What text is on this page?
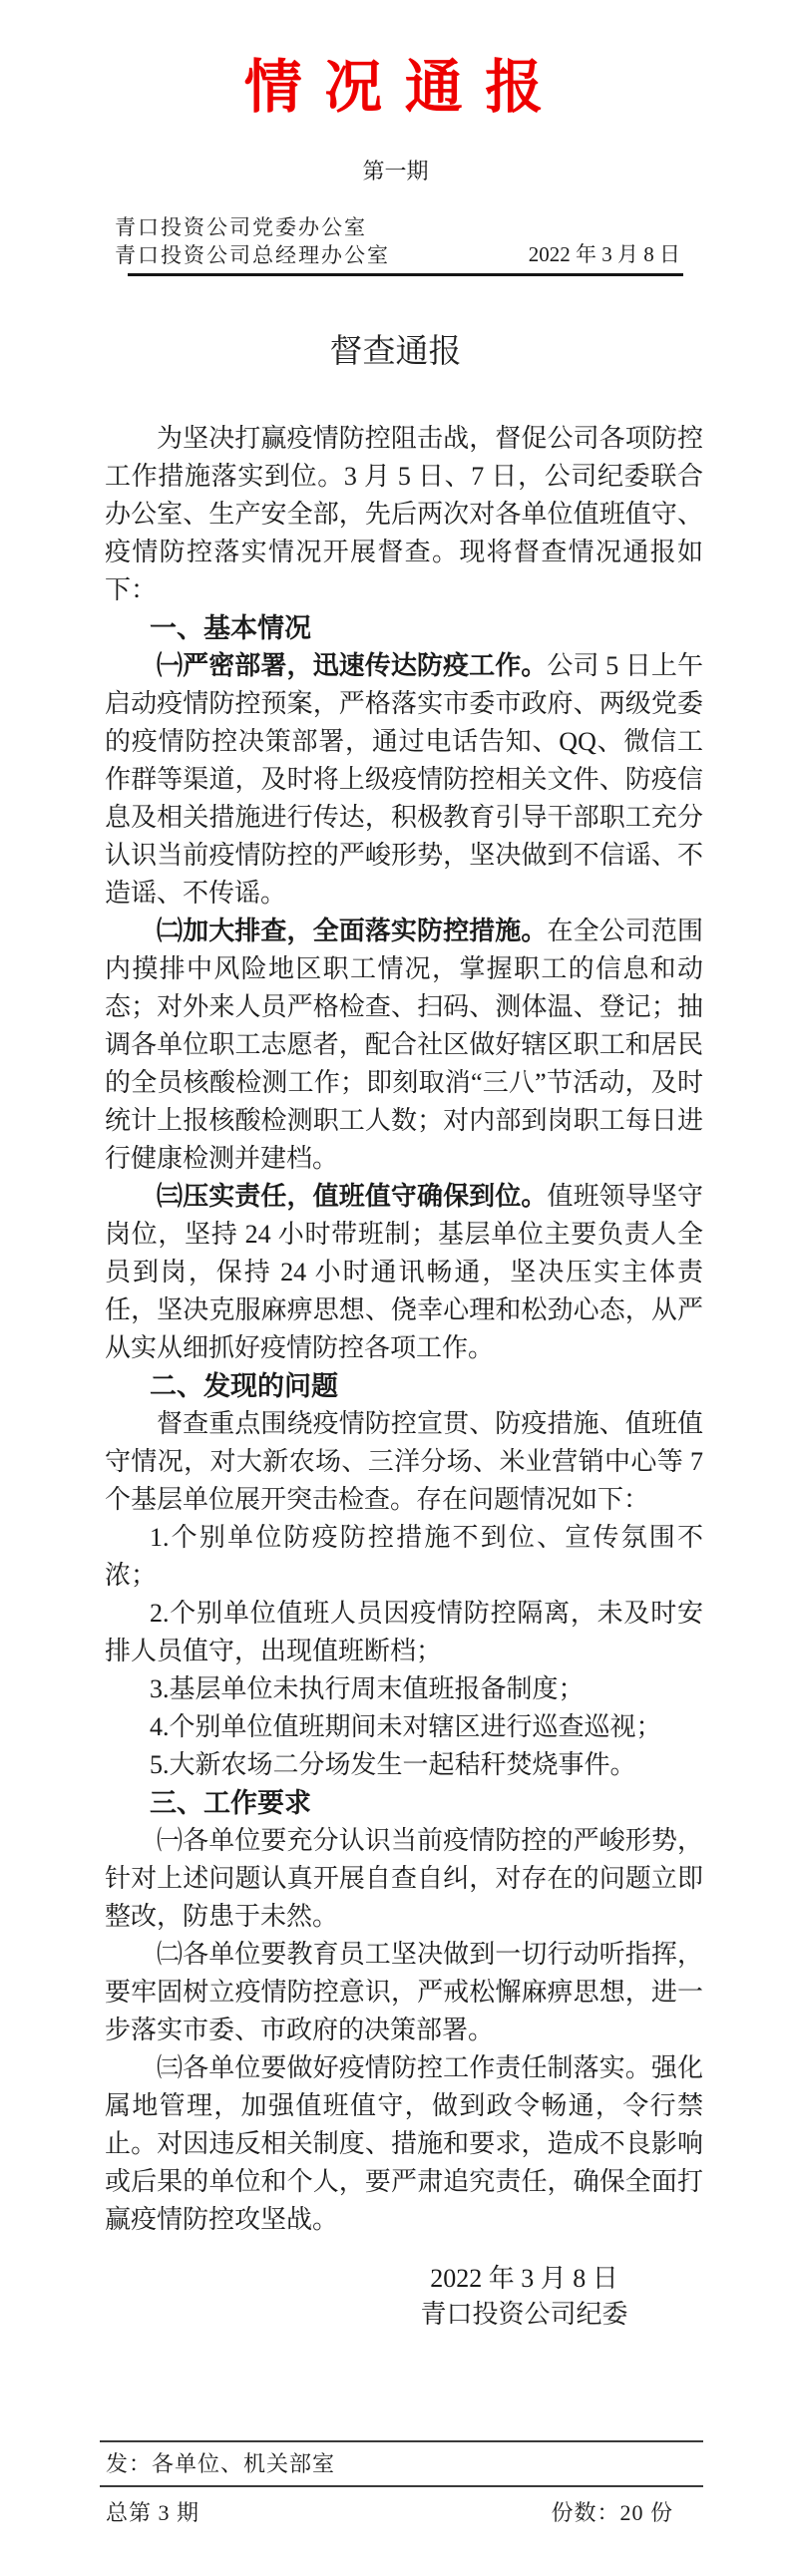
情 况 通 报
第一期
青口投资公司党委办公室
青口投资公司总经理办公室	2022 年 3 月 8 日
督查通报

为坚决打赢疫情防控阻击战，督促公司各项防控工作措施落实到位。3 月 5 日、7 日，公司纪委联合办公室、生产安全部，先后两次对各单位值班值守、疫情防控落实情况开展督查。现将督查情况通报如下：

一、基本情况

㈠严密部署，迅速传达防疫工作。公司 5 日上午启动疫情防控预案，严格落实市委市政府、两级党委的疫情防控决策部署，通过电话告知、QQ、微信工作群等渠道，及时将上级疫情防控相关文件、防疫信息及相关措施进行传达，积极教育引导干部职工充分认识当前疫情防控的严峻形势，坚决做到不信谣、不造谣、不传谣。

㈡加大排查，全面落实防控措施。在全公司范围内摸排中风险地区职工情况，掌握职工的信息和动态；对外来人员严格检查、扫码、测体温、登记；抽调各单位职工志愿者，配合社区做好辖区职工和居民的全员核酸检测工作；即刻取消“三八”节活动，及时统计上报核酸检测职工人数；对内部到岗职工每日进行健康检测并建档。

㈢压实责任，值班值守确保到位。值班领导坚守岗位，坚持 24 小时带班制；基层单位主要负责人全员到岗，保持 24 小时通讯畅通，坚决压实主体责任，坚决克服麻痹思想、侥幸心理和松劲心态，从严从实从细抓好疫情防控各项工作。

二、发现的问题

督查重点围绕疫情防控宣贯、防疫措施、值班值守情况，对大新农场、三洋分场、米业营销中心等 7 个基层单位展开突击检查。存在问题情况如下：

1.个别单位防疫防控措施不到位、宣传氛围不浓；

2.个别单位值班人员因疫情防控隔离，未及时安排人员值守，出现值班断档；

3.基层单位未执行周末值班报备制度；

4.个别单位值班期间未对辖区进行巡查巡视；

5.大新农场二分场发生一起秸秆焚烧事件。

三、工作要求

㈠各单位要充分认识当前疫情防控的严峻形势，针对上述问题认真开展自查自纠，对存在的问题立即整改，防患于未然。

㈡各单位要教育员工坚决做到一切行动听指挥，要牢固树立疫情防控意识，严戒松懈麻痹思想，进一步落实市委、市政府的决策部署。

㈢各单位要做好疫情防控工作责任制落实。强化属地管理，加强值班值守，做到政令畅通，令行禁止。对因违反相关制度、措施和要求，造成不良影响或后果的单位和个人，要严肃追究责任，确保全面打赢疫情防控攻坚战。

2022 年 3 月 8 日
青口投资公司纪委
发：各单位、机关部室
总第 3 期	份数：20 份
